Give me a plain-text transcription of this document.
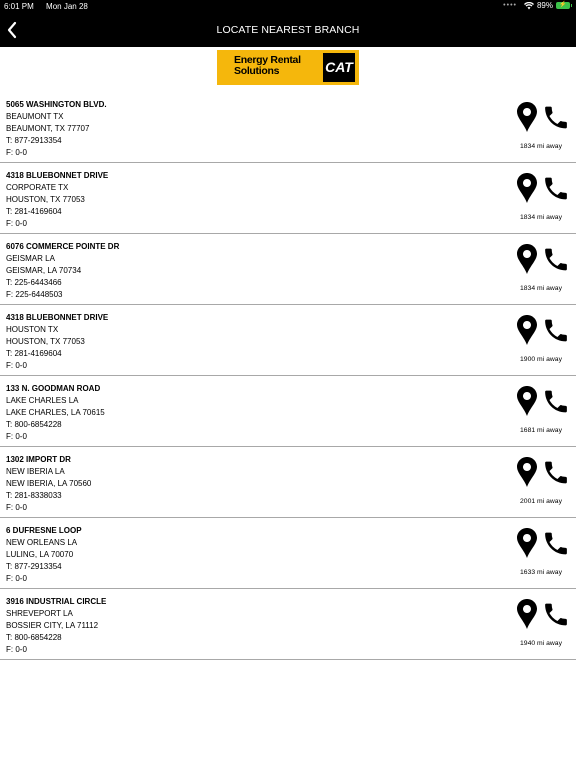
6:01 PM Mon Jan 28	••••	89%	⚡
LOCATE NEAREST BRANCH
Energy Rental
Solutions	CAT
5065 WASHINGTON BLVD.
BEAUMONT TX
BEAUMONT, TX 77707
T: 877-2913354
F: 0-0
1834 mi away
4318 BLUEBONNET DRIVE
CORPORATE TX
HOUSTON, TX 77053
T: 281-4169604
F: 0-0
1834 mi away
6076 COMMERCE POINTE DR
GEISMAR LA
GEISMAR, LA 70734
T: 225-6443466
F: 225-6448503
1834 mi away
4318 BLUEBONNET DRIVE
HOUSTON TX
HOUSTON, TX 77053
T: 281-4169604
F: 0-0
1900 mi away
133 N. GOODMAN ROAD
LAKE CHARLES LA
LAKE CHARLES, LA 70615
T: 800-6854228
F: 0-0
1681 mi away
1302 IMPORT DR
NEW IBERIA LA
NEW IBERIA, LA 70560
T: 281-8338033
F: 0-0
2001 mi away
6 DUFRESNE LOOP
NEW ORLEANS LA
LULING, LA 70070
T: 877-2913354
F: 0-0
1633 mi away
3916 INDUSTRIAL CIRCLE
SHREVEPORT LA
BOSSIER CITY, LA 71112
T: 800-6854228
F: 0-0
1940 mi away
